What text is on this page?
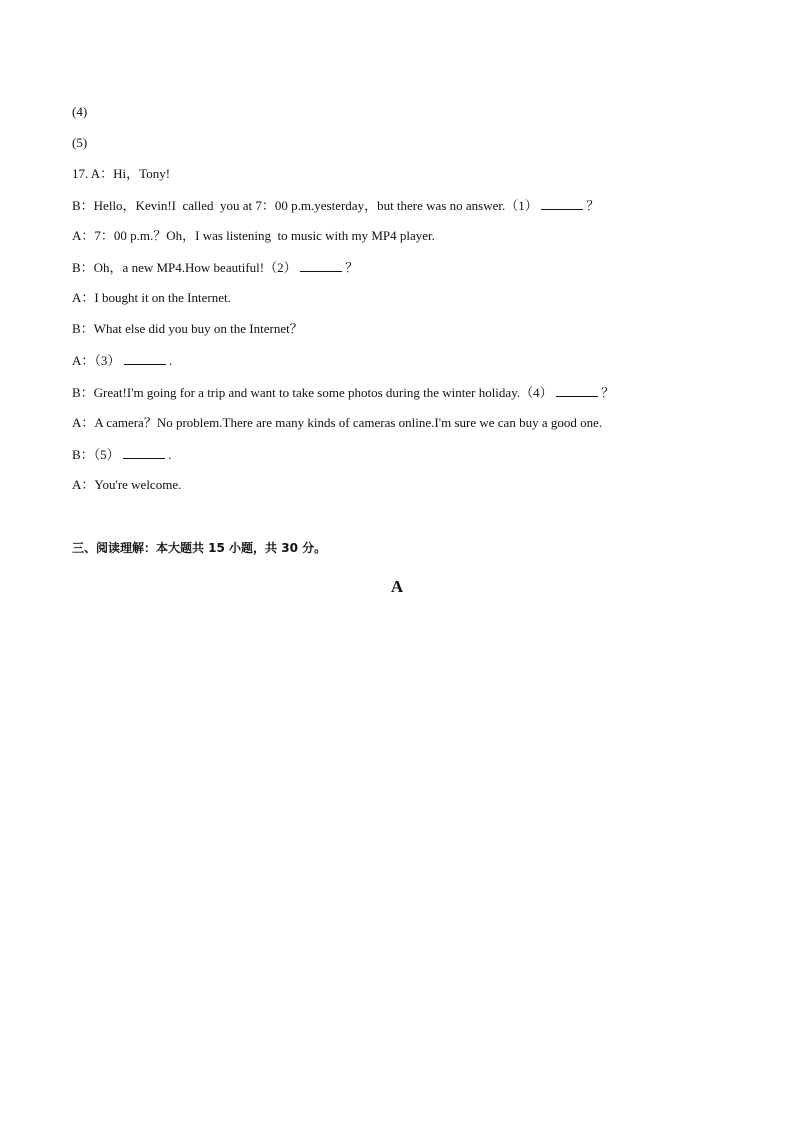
(4)
(5)
17. A：Hi，Tony!
B：Hello，Kevin!I  called  you at 7：00 p.m.yesterday，but there was no answer.（1）	？
A：7：00 p.m.？Oh，I was listening  to music with my MP4 player.
B：Oh，a new MP4.How beautiful!（2）	？
A：I bought it on the Internet.
B：What else did you buy on the Internet？
A：（3）	.
B：Great!I'm going for a trip and want to take some photos during the winter holiday.（4）	？
A：A camera？No problem.There are many kinds of cameras online.I'm sure we can buy a good one.
B：（5）	.
A：You're welcome.
三、阅读理解：本大题共 15 小题，共 30 分。
A
